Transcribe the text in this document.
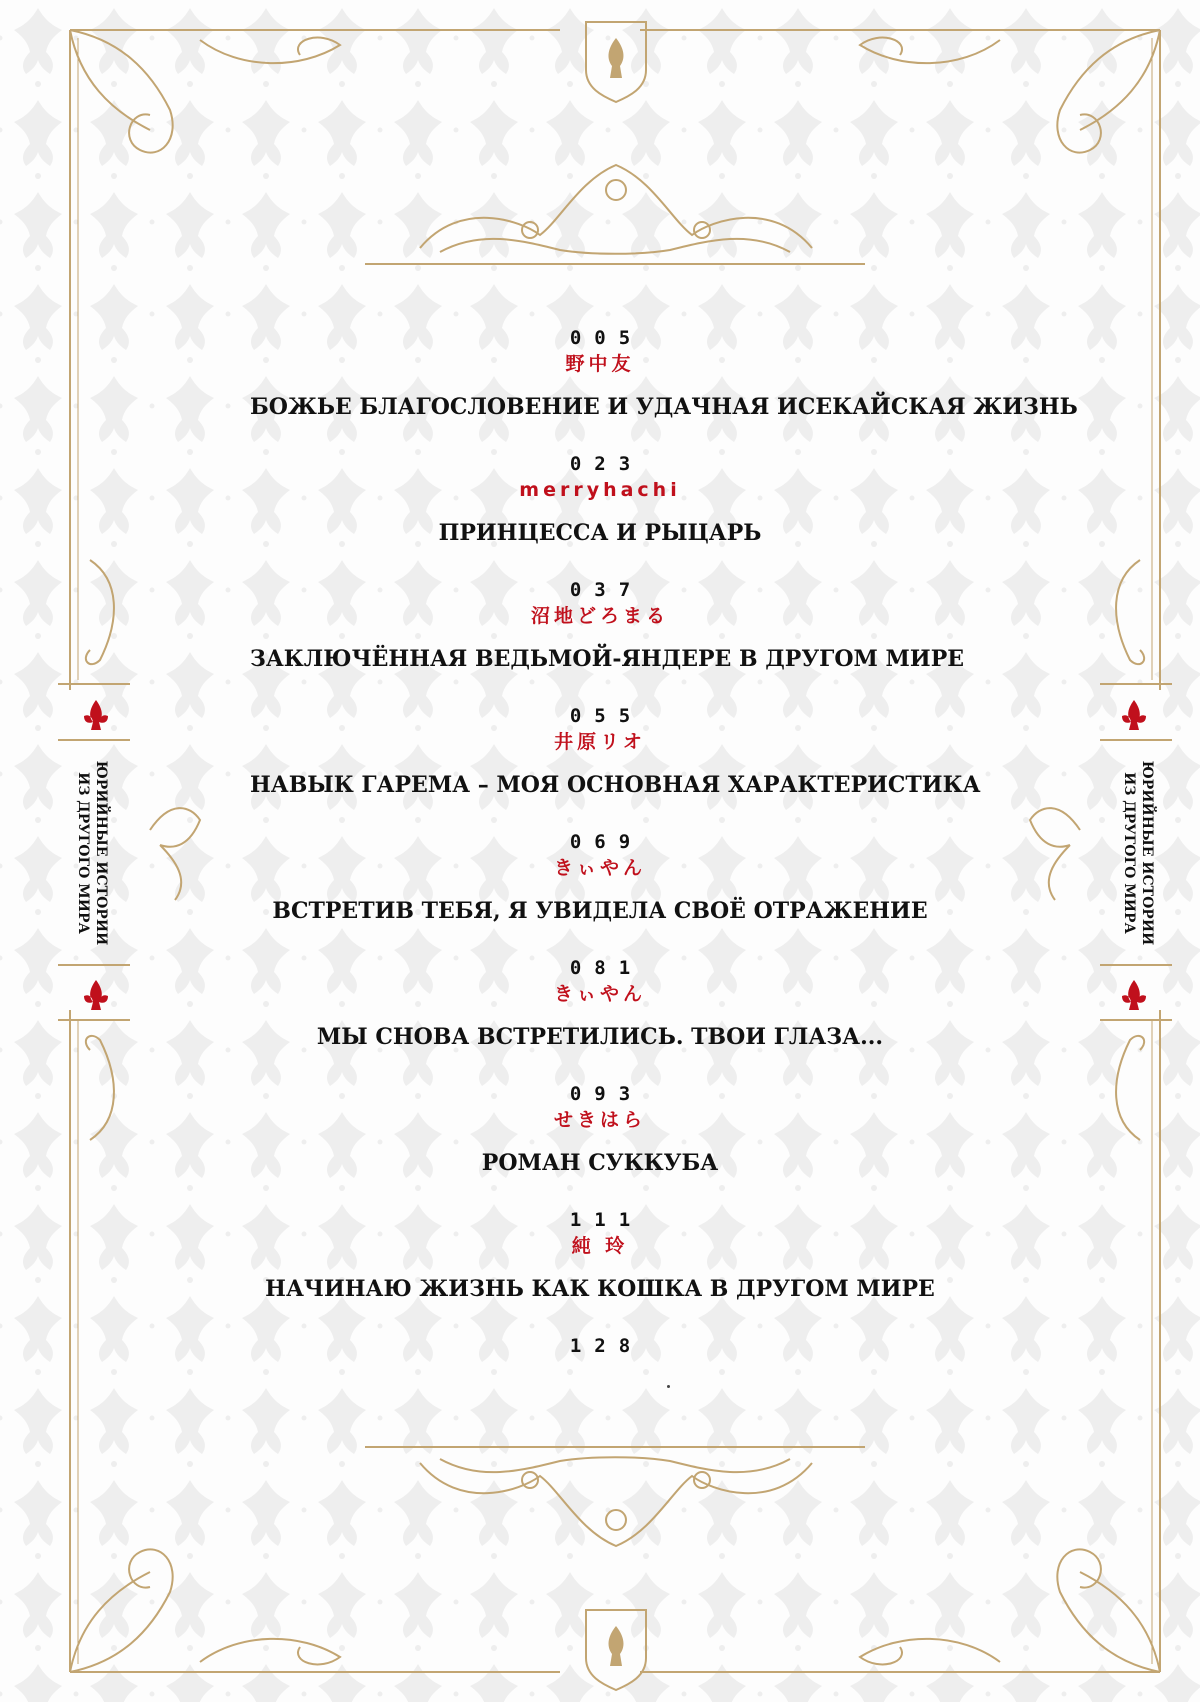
ЮРИЙНЫЕ ИСТОРИИ
ИЗ ДРУГОГО МИРА	ЮРИЙНЫЕ ИСТОРИИ
ИЗ ДРУГОГО МИРА
005
野中友
БОЖЬЕ БЛАГОСЛОВЕНИЕ И УДАЧНАЯ ИСЕКАЙСКАЯ ЖИЗНЬ
023
merryhachi
ПРИНЦЕССА И РЫЦАРЬ
037
沼地どろまる
ЗАКЛЮЧЁННАЯ ВЕДЬМОЙ-ЯНДЕРЕ В ДРУГОМ МИРЕ
055
井原リオ
НАВЫК ГАРЕМА – МОЯ ОСНОВНАЯ ХАРАКТЕРИСТИКА
069
きぃやん
ВСТРЕТИВ ТЕБЯ, Я УВИДЕЛА СВОЁ ОТРАЖЕНИЕ
081
きぃやん
МЫ СНОВА ВСТРЕТИЛИСЬ. ТВОИ ГЛАЗА...
093
せきはら
РОМАН СУККУБА
111
純 玲
НАЧИНАЮ ЖИЗНЬ КАК КОШКА В ДРУГОМ МИРЕ
128
